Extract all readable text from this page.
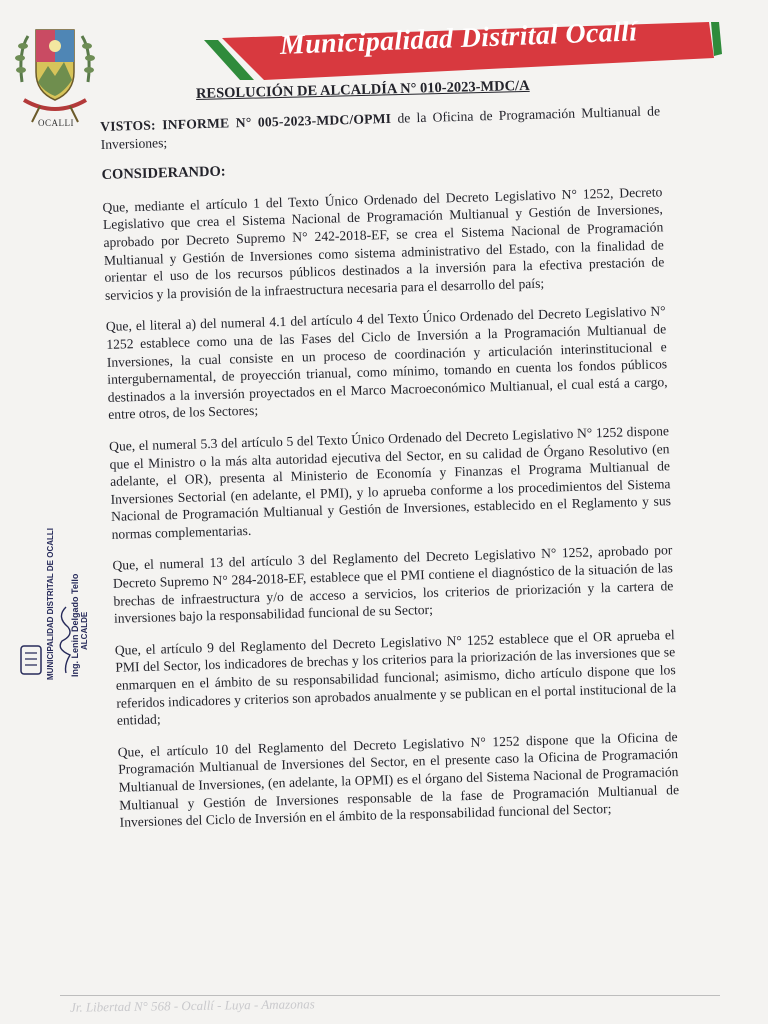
OCALLI
Municipalidad Distrital Ocallí
RESOLUCIÓN DE ALCALDÍA N° 010-2023-MDC/A

VISTOS: INFORME N° 005-2023-MDC/OPMI de la Oficina de Programación Multianual de Inversiones;

CONSIDERANDO:

Que, mediante el artículo 1 del Texto Único Ordenado del Decreto Legislativo N° 1252, Decreto Legislativo que crea el Sistema Nacional de Programación Multianual y Gestión de Inversiones, aprobado por Decreto Supremo N° 242-2018-EF, se crea el Sistema Nacional de Programación Multianual y Gestión de Inversiones como sistema administrativo del Estado, con la finalidad de orientar el uso de los recursos públicos destinados a la inversión para la efectiva prestación de servicios y la provisión de la infraestructura necesaria para el desarrollo del país;

Que, el literal a) del numeral 4.1 del artículo 4 del Texto Único Ordenado del Decreto Legislativo N° 1252 establece como una de las Fases del Ciclo de Inversión a la Programación Multianual de Inversiones, la cual consiste en un proceso de coordinación y articulación interinstitucional e intergubernamental, de proyección trianual, como mínimo, tomando en cuenta los fondos públicos destinados a la inversión proyectados en el Marco Macroeconómico Multianual, el cual está a cargo, entre otros, de los Sectores;

Que, el numeral 5.3 del artículo 5 del Texto Único Ordenado del Decreto Legislativo N° 1252 dispone que el Ministro o la más alta autoridad ejecutiva del Sector, en su calidad de Órgano Resolutivo (en adelante, el OR), presenta al Ministerio de Economía y Finanzas el Programa Multianual de Inversiones Sectorial (en adelante, el PMI), y lo aprueba conforme a los procedimientos del Sistema Nacional de Programación Multianual y Gestión de Inversiones, establecido en el Reglamento y sus normas complementarias.

Que, el numeral 13 del artículo 3 del Reglamento del Decreto Legislativo N° 1252, aprobado por Decreto Supremo N° 284-2018-EF, establece que el PMI contiene el diagnóstico de la situación de las brechas de infraestructura y/o de acceso a servicios, los criterios de priorización y la cartera de inversiones bajo la responsabilidad funcional de su Sector;

Que, el artículo 9 del Reglamento del Decreto Legislativo N° 1252 establece que el OR aprueba el PMI del Sector, los indicadores de brechas y los criterios para la priorización de las inversiones que se enmarquen en el ámbito de su responsabilidad funcional; asimismo, dicho artículo dispone que los referidos indicadores y criterios son aprobados anualmente y se publican en el portal institucional de la entidad;

Que, el artículo 10 del Reglamento del Decreto Legislativo N° 1252 dispone que la Oficina de Programación Multianual de Inversiones del Sector, en el presente caso la Oficina de Programación Multianual de Inversiones, (en adelante, la OPMI) es el órgano del Sistema Nacional de Programación Multianual y Gestión de Inversiones responsable de la fase de Programación Multianual de Inversiones del Ciclo de Inversión en el ámbito de la responsabilidad funcional del Sector;

MUNICIPALIDAD DISTRITAL DE OCALLI Ing. Lenin Delgado Tello ALCALDE
Jr. Libertad N° 568 - Ocallí - Luya - Amazonas
